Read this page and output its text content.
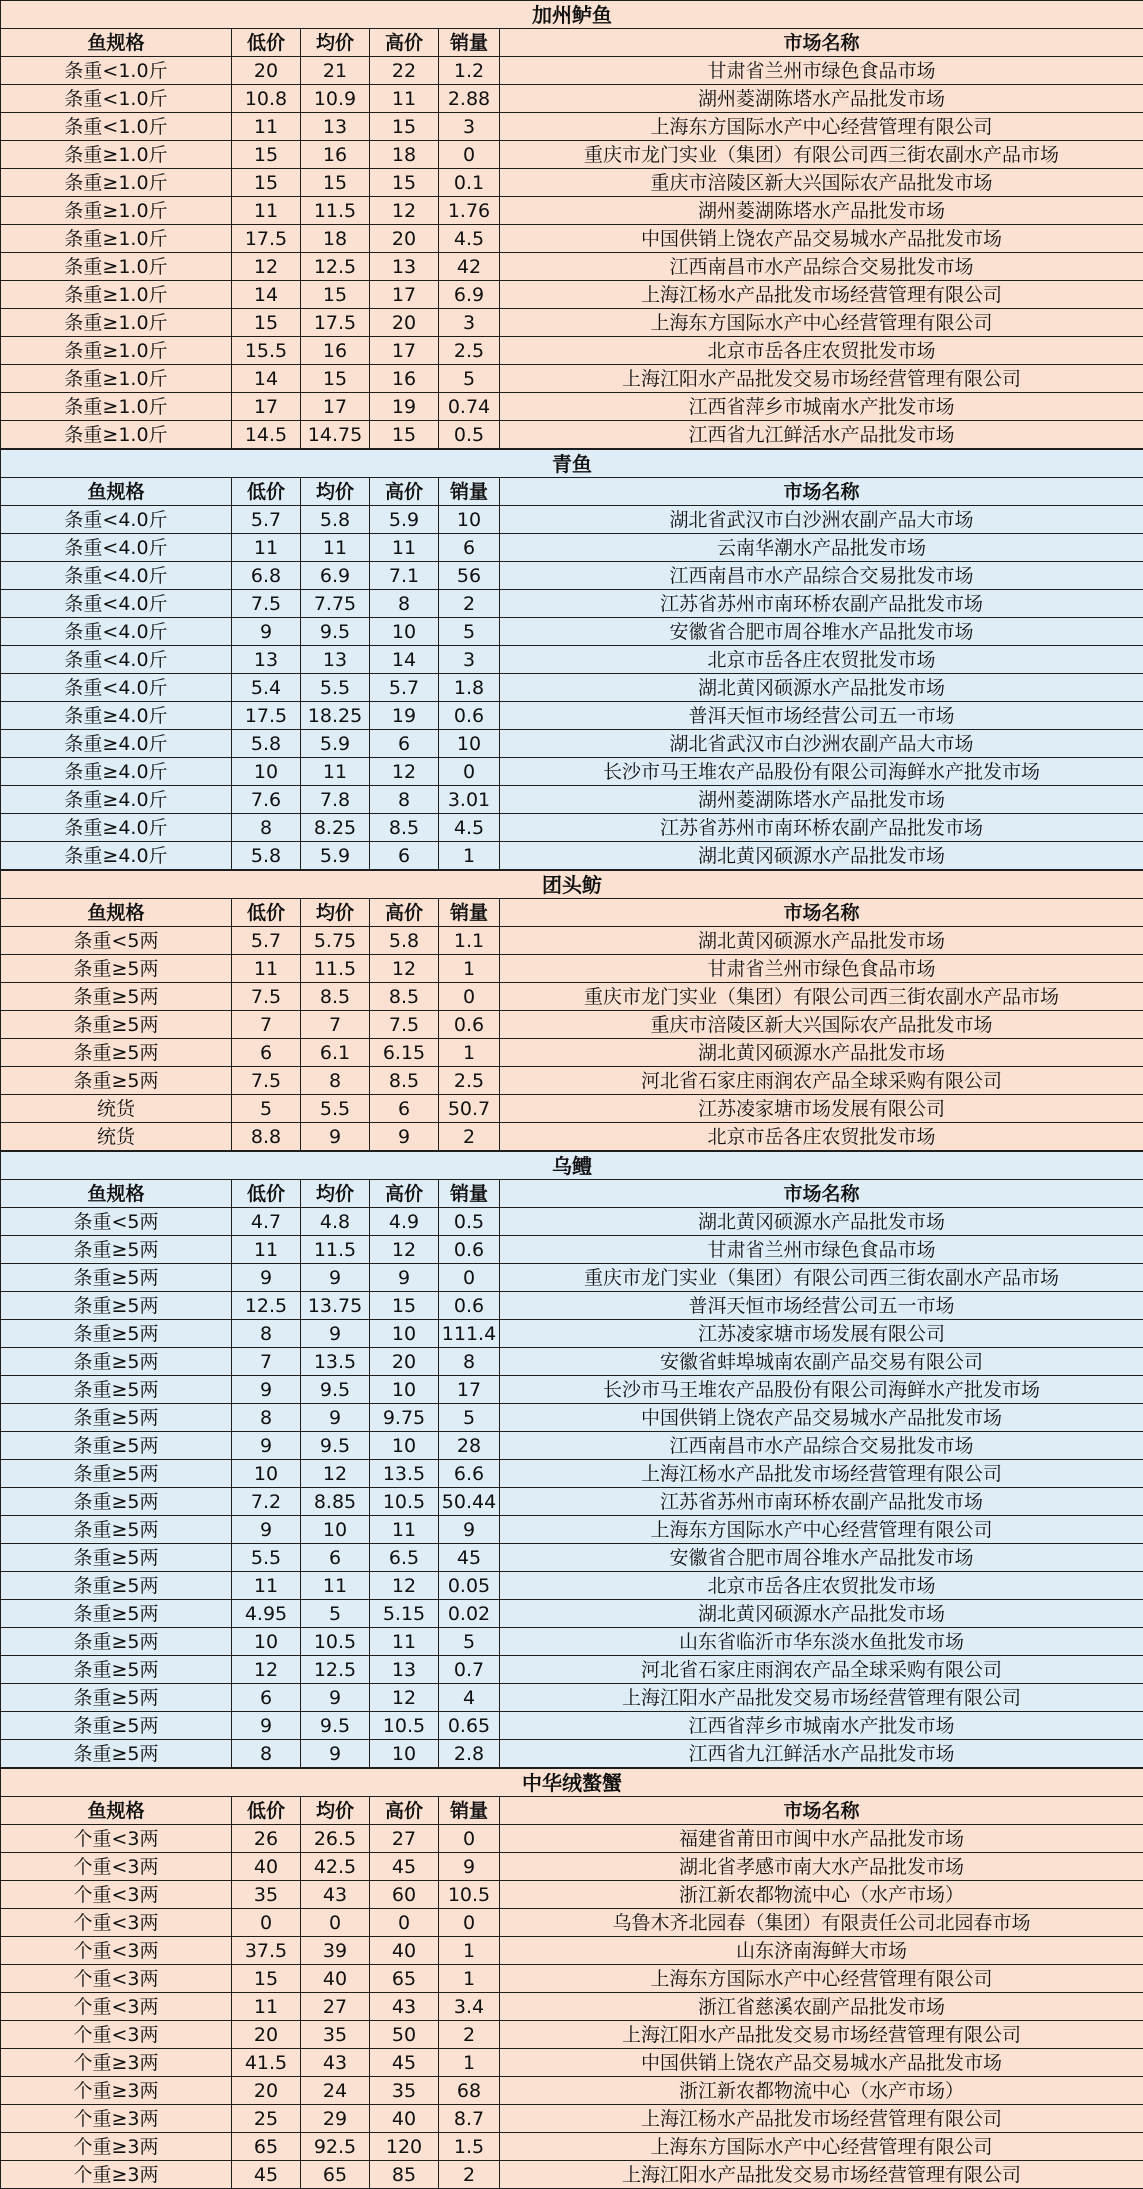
加州鲈鱼					
鱼规格	低价	均价	高价	销量	市场名称
条重<1.0斤	20	21	22	1.2	甘肃省兰州市绿色食品市场
条重<1.0斤	10.8	10.9	11	2.88	湖州菱湖陈塔水产品批发市场
条重<1.0斤	11	13	15	3	上海东方国际水产中心经营管理有限公司
条重≥1.0斤	15	16	18	0	重庆市龙门实业（集团）有限公司西三街农副水产品市场
条重≥1.0斤	15	15	15	0.1	重庆市涪陵区新大兴国际农产品批发市场
条重≥1.0斤	11	11.5	12	1.76	湖州菱湖陈塔水产品批发市场
条重≥1.0斤	17.5	18	20	4.5	中国供销上饶农产品交易城水产品批发市场
条重≥1.0斤	12	12.5	13	42	江西南昌市水产品综合交易批发市场
条重≥1.0斤	14	15	17	6.9	上海江杨水产品批发市场经营管理有限公司
条重≥1.0斤	15	17.5	20	3	上海东方国际水产中心经营管理有限公司
条重≥1.0斤	15.5	16	17	2.5	北京市岳各庄农贸批发市场
条重≥1.0斤	14	15	16	5	上海江阳水产品批发交易市场经营管理有限公司
条重≥1.0斤	17	17	19	0.74	江西省萍乡市城南水产批发市场
条重≥1.0斤	14.5	14.75	15	0.5	江西省九江鲜活水产品批发市场
青鱼					
鱼规格	低价	均价	高价	销量	市场名称
条重<4.0斤	5.7	5.8	5.9	10	湖北省武汉市白沙洲农副产品大市场
条重<4.0斤	11	11	11	6	云南华潮水产品批发市场
条重<4.0斤	6.8	6.9	7.1	56	江西南昌市水产品综合交易批发市场
条重<4.0斤	7.5	7.75	8	2	江苏省苏州市南环桥农副产品批发市场
条重<4.0斤	9	9.5	10	5	安徽省合肥市周谷堆水产品批发市场
条重<4.0斤	13	13	14	3	北京市岳各庄农贸批发市场
条重<4.0斤	5.4	5.5	5.7	1.8	湖北黄冈硕源水产品批发市场
条重≥4.0斤	17.5	18.25	19	0.6	普洱天恒市场经营公司五一市场
条重≥4.0斤	5.8	5.9	6	10	湖北省武汉市白沙洲农副产品大市场
条重≥4.0斤	10	11	12	0	长沙市马王堆农产品股份有限公司海鲜水产批发市场
条重≥4.0斤	7.6	7.8	8	3.01	湖州菱湖陈塔水产品批发市场
条重≥4.0斤	8	8.25	8.5	4.5	江苏省苏州市南环桥农副产品批发市场
条重≥4.0斤	5.8	5.9	6	1	湖北黄冈硕源水产品批发市场
团头鲂					
鱼规格	低价	均价	高价	销量	市场名称
条重<5两	5.7	5.75	5.8	1.1	湖北黄冈硕源水产品批发市场
条重≥5两	11	11.5	12	1	甘肃省兰州市绿色食品市场
条重≥5两	7.5	8.5	8.5	0	重庆市龙门实业（集团）有限公司西三街农副水产品市场
条重≥5两	7	7	7.5	0.6	重庆市涪陵区新大兴国际农产品批发市场
条重≥5两	6	6.1	6.15	1	湖北黄冈硕源水产品批发市场
条重≥5两	7.5	8	8.5	2.5	河北省石家庄雨润农产品全球采购有限公司
统货	5	5.5	6	50.7	江苏凌家塘市场发展有限公司
统货	8.8	9	9	2	北京市岳各庄农贸批发市场
乌鳢					
鱼规格	低价	均价	高价	销量	市场名称
条重<5两	4.7	4.8	4.9	0.5	湖北黄冈硕源水产品批发市场
条重≥5两	11	11.5	12	0.6	甘肃省兰州市绿色食品市场
条重≥5两	9	9	9	0	重庆市龙门实业（集团）有限公司西三街农副水产品市场
条重≥5两	12.5	13.75	15	0.6	普洱天恒市场经营公司五一市场
条重≥5两	8	9	10	111.4	江苏凌家塘市场发展有限公司
条重≥5两	7	13.5	20	8	安徽省蚌埠城南农副产品交易有限公司
条重≥5两	9	9.5	10	17	长沙市马王堆农产品股份有限公司海鲜水产批发市场
条重≥5两	8	9	9.75	5	中国供销上饶农产品交易城水产品批发市场
条重≥5两	9	9.5	10	28	江西南昌市水产品综合交易批发市场
条重≥5两	10	12	13.5	6.6	上海江杨水产品批发市场经营管理有限公司
条重≥5两	7.2	8.85	10.5	50.44	江苏省苏州市南环桥农副产品批发市场
条重≥5两	9	10	11	9	上海东方国际水产中心经营管理有限公司
条重≥5两	5.5	6	6.5	45	安徽省合肥市周谷堆水产品批发市场
条重≥5两	11	11	12	0.05	北京市岳各庄农贸批发市场
条重≥5两	4.95	5	5.15	0.02	湖北黄冈硕源水产品批发市场
条重≥5两	10	10.5	11	5	山东省临沂市华东淡水鱼批发市场
条重≥5两	12	12.5	13	0.7	河北省石家庄雨润农产品全球采购有限公司
条重≥5两	6	9	12	4	上海江阳水产品批发交易市场经营管理有限公司
条重≥5两	9	9.5	10.5	0.65	江西省萍乡市城南水产批发市场
条重≥5两	8	9	10	2.8	江西省九江鲜活水产品批发市场
中华绒螯蟹					
鱼规格	低价	均价	高价	销量	市场名称
个重<3两	26	26.5	27	0	福建省莆田市闽中水产品批发市场
个重<3两	40	42.5	45	9	湖北省孝感市南大水产品批发市场
个重<3两	35	43	60	10.5	浙江新农都物流中心（水产市场）
个重<3两	0	0	0	0	乌鲁木齐北园春（集团）有限责任公司北园春市场
个重<3两	37.5	39	40	1	山东济南海鲜大市场
个重<3两	15	40	65	1	上海东方国际水产中心经营管理有限公司
个重<3两	11	27	43	3.4	浙江省慈溪农副产品批发市场
个重<3两	20	35	50	2	上海江阳水产品批发交易市场经营管理有限公司
个重≥3两	41.5	43	45	1	中国供销上饶农产品交易城水产品批发市场
个重≥3两	20	24	35	68	浙江新农都物流中心（水产市场）
个重≥3两	25	29	40	8.7	上海江杨水产品批发市场经营管理有限公司
个重≥3两	65	92.5	120	1.5	上海东方国际水产中心经营管理有限公司
个重≥3两	45	65	85	2	上海江阳水产品批发交易市场经营管理有限公司
